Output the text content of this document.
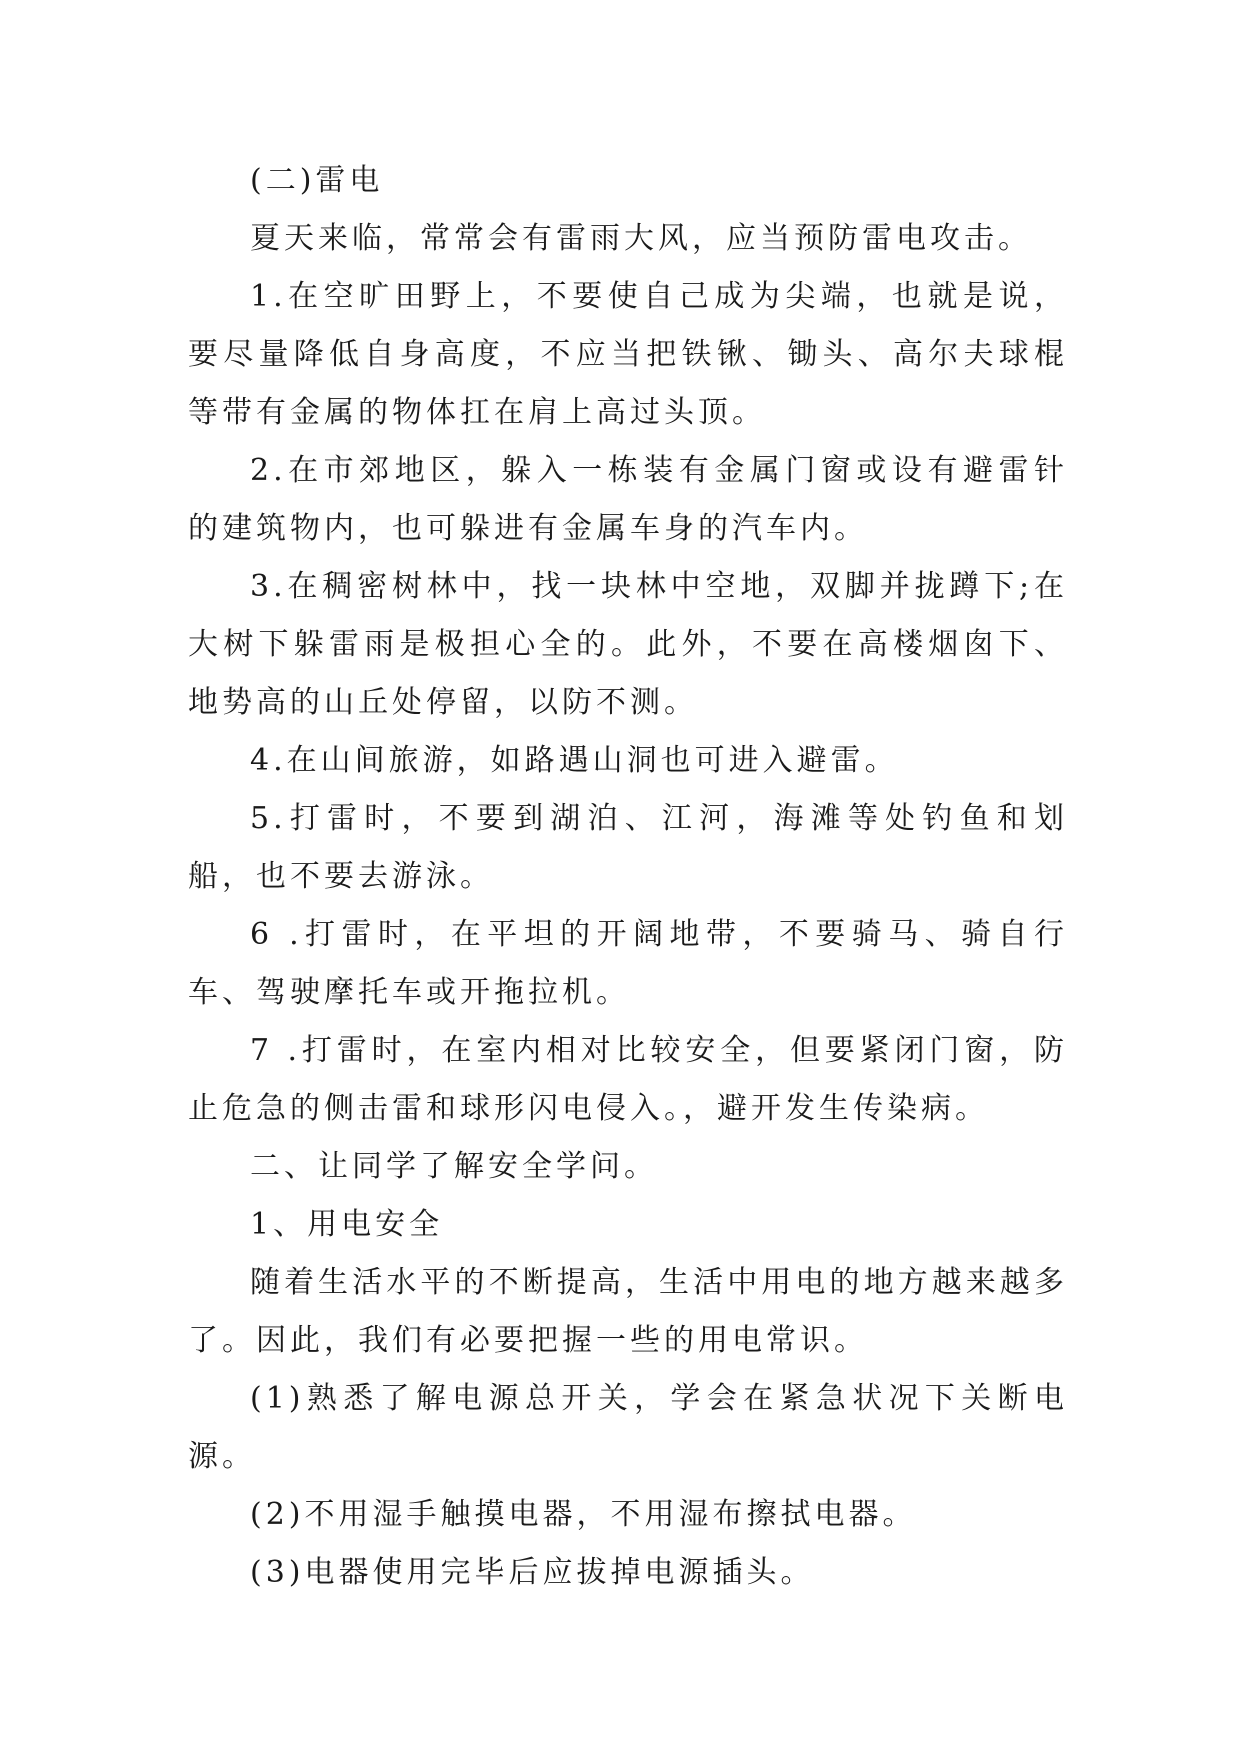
(二)雷电

夏天来临，常常会有雷雨大风，应当预防雷电攻击。

1.在空旷田野上，不要使自己成为尖端，也就是说，要尽量降低自身高度，不应当把铁锹、锄头、高尔夫球棍等带有金属的物体扛在肩上高过头顶。

2.在市郊地区，躲入一栋装有金属门窗或设有避雷针的建筑物内，也可躲进有金属车身的汽车内。

3.在稠密树林中，找一块林中空地，双脚并拢蹲下;在大树下躲雷雨是极担心全的。此外，不要在高楼烟囱下、地势高的山丘处停留，以防不测。

4.在山间旅游，如路遇山洞也可进入避雷。

5.打雷时，不要到湖泊、江河，海滩等处钓鱼和划船，也不要去游泳。

6 .打雷时，在平坦的开阔地带，不要骑马、骑自行车、驾驶摩托车或开拖拉机。

7 .打雷时，在室内相对比较安全，但要紧闭门窗，防止危急的侧击雷和球形闪电侵入。，避开发生传染病。

二、让同学了解安全学问。

1、用电安全

随着生活水平的不断提高，生活中用电的地方越来越多了。因此，我们有必要把握一些的用电常识。

(1)熟悉了解电源总开关，学会在紧急状况下关断电源。

(2)不用湿手触摸电器，不用湿布擦拭电器。

(3)电器使用完毕后应拔掉电源插头。
